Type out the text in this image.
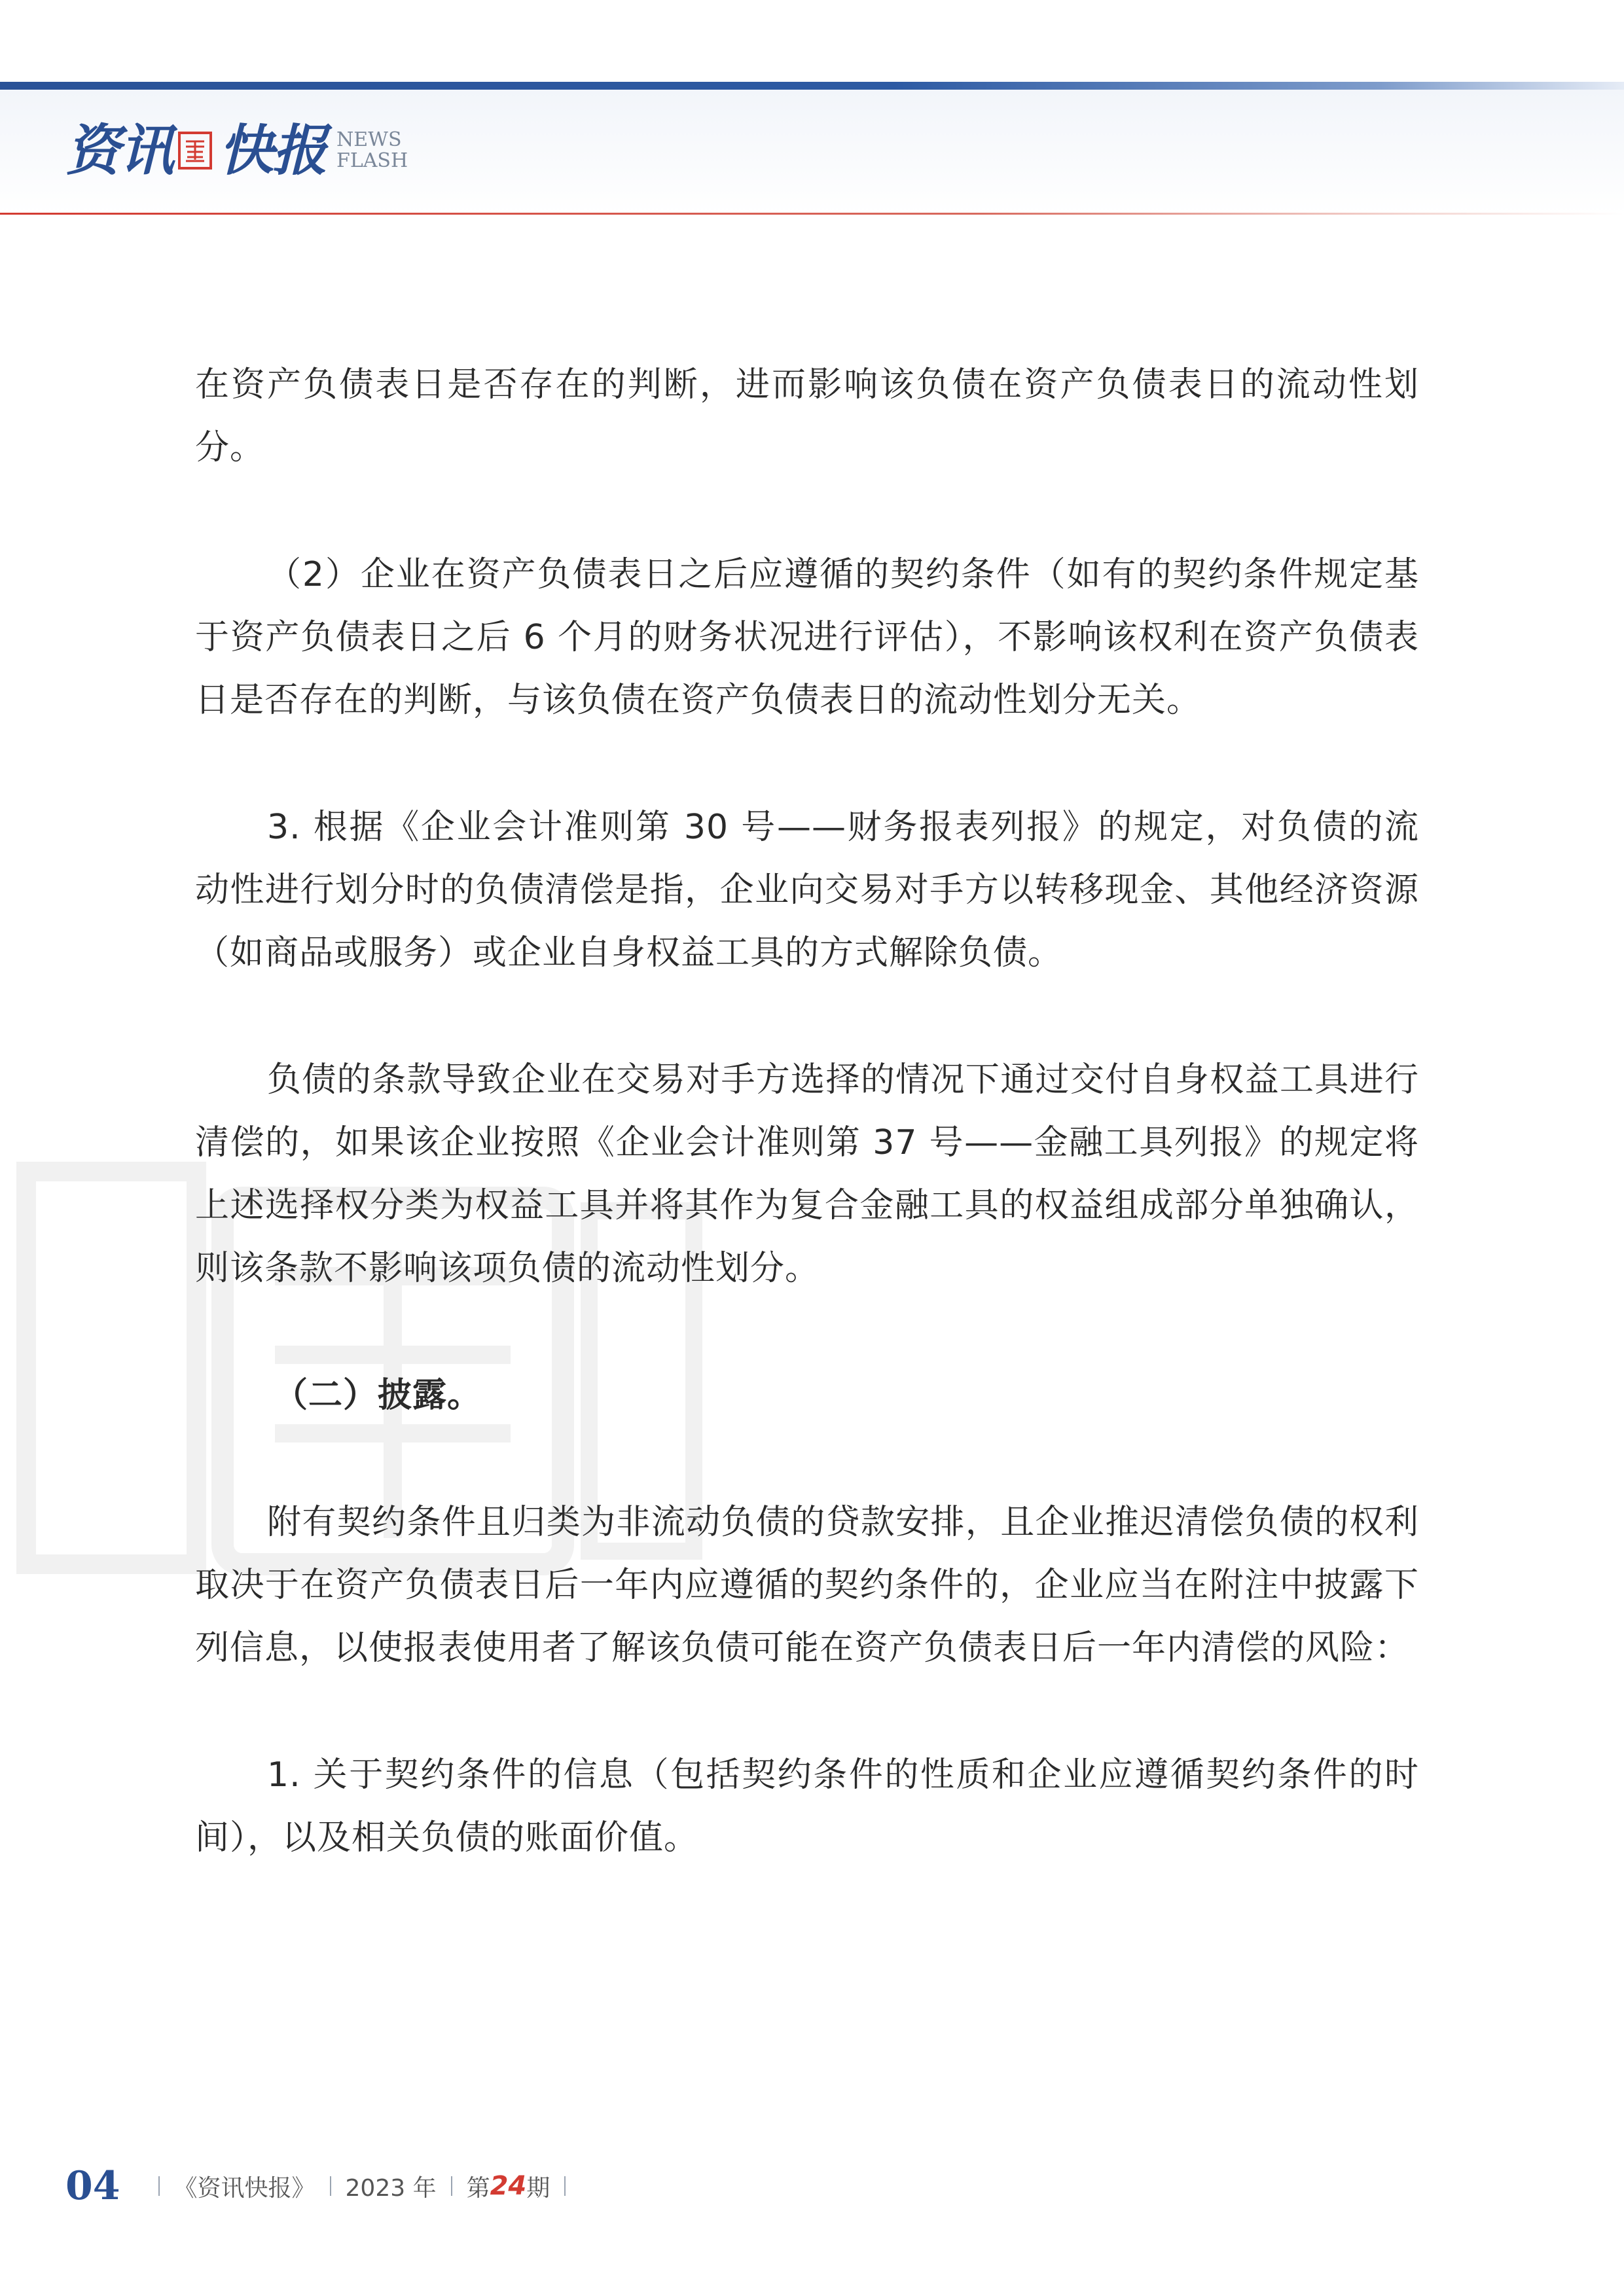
资讯 快报 NEWS
FLASH

在资产负债表日是否存在的判断，进而影响该负债在资产负债表日的流动性划分。

（2）企业在资产负债表日之后应遵循的契约条件（如有的契约条件规定基于资产负债表日之后 6 个月的财务状况进行评估），不影响该权利在资产负债表日是否存在的判断，与该负债在资产负债表日的流动性划分无关。

3. 根据《企业会计准则第 30 号——财务报表列报》的规定，对负债的流动性进行划分时的负债清偿是指，企业向交易对手方以转移现金、其他经济资源（如商品或服务）或企业自身权益工具的方式解除负债。

负债的条款导致企业在交易对手方选择的情况下通过交付自身权益工具进行清偿的，如果该企业按照《企业会计准则第 37 号——金融工具列报》的规定将上述选择权分类为权益工具并将其作为复合金融工具的权益组成部分单独确认，则该条款不影响该项负债的流动性划分。

（二）披露。

附有契约条件且归类为非流动负债的贷款安排，且企业推迟清偿负债的权利取决于在资产负债表日后一年内应遵循的契约条件的，企业应当在附注中披露下列信息，以使报表使用者了解该负债可能在资产负债表日后一年内清偿的风险：

1. 关于契约条件的信息（包括契约条件的性质和企业应遵循契约条件的时间），以及相关负债的账面价值。

04 《资讯快报》 2023 年 第 24 期
